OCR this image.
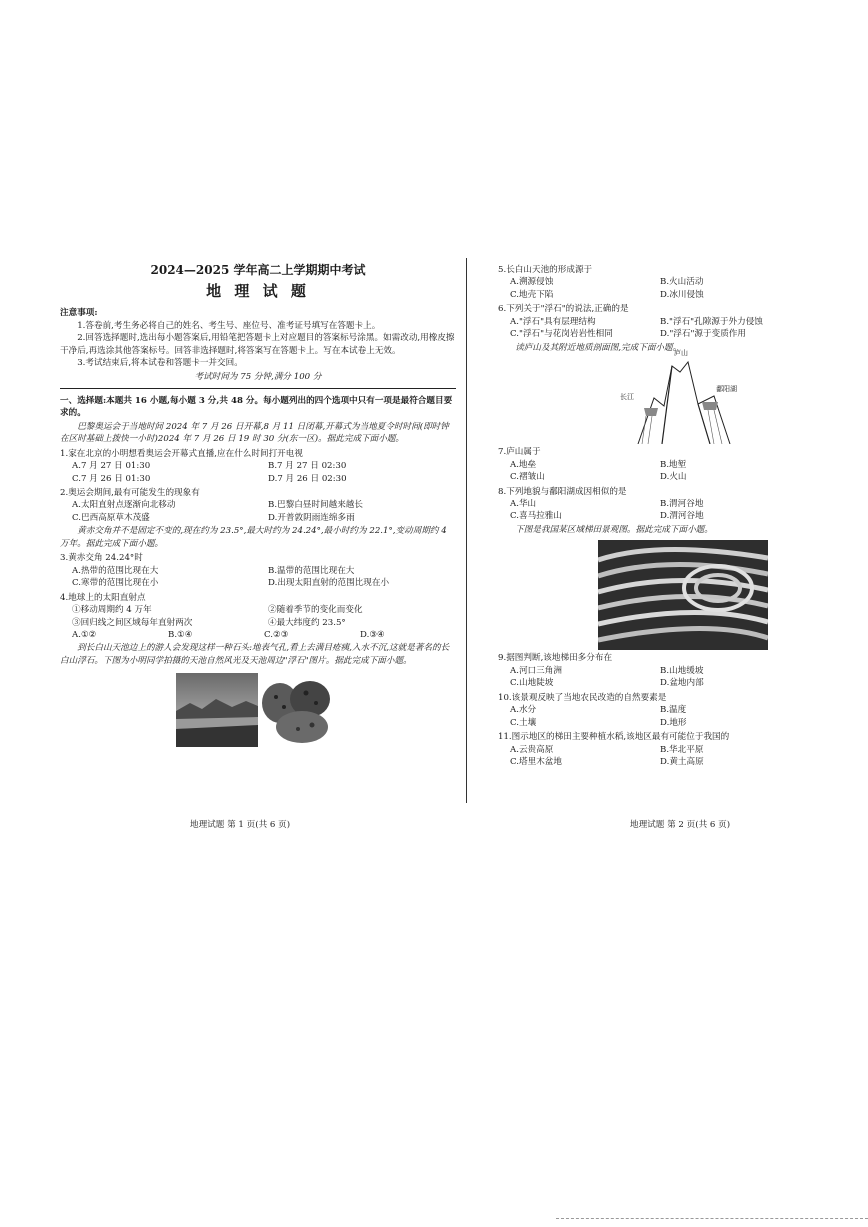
2024—2025 学年高二上学期期中考试
地 理 试 题
注意事项:

1.答卷前,考生务必将自己的姓名、考生号、座位号、准考证号填写在答题卡上。

2.回答选择题时,选出每小题答案后,用铅笔把答题卡上对应题目的答案标号涂黑。如需改动,用橡皮擦干净后,再选涂其他答案标号。回答非选择题时,将答案写在答题卡上。写在本试卷上无效。

3.考试结束后,将本试卷和答题卡一并交回。

考试时间为 75 分钟,满分 100 分
一、选择题:本题共 16 小题,每小题 3 分,共 48 分。每小题列出的四个选项中只有一项是最符合题目要求的。
巴黎奥运会于当地时间 2024 年 7 月 26 日开幕,8 月 11 日闭幕,开幕式为当地夏令时时间(即时钟在区时基础上拨快一小时)2024 年 7 月 26 日 19 时 30 分(东一区)。据此完成下面小题。
1.家在北京的小明想看奥运会开幕式直播,应在什么时间打开电视
A.7 月 27 日 01:30	B.7 月 27 日 02:30
C.7 月 26 日 01:30	D.7 月 26 日 02:30
2.奥运会期间,最有可能发生的现象有
A.太阳直射点逐渐向北移动	B.巴黎白昼时间越来越长
C.巴西高原草木茂盛	D.开普敦阴雨连绵多雨
黄赤交角并不是固定不变的,现在约为 23.5°,最大时约为 24.24°,最小时约为 22.1°,变动周期约 4 万年。据此完成下面小题。
3.黄赤交角 24.24°时
A.热带的范围比现在大	B.温带的范围比现在大
C.寒带的范围比现在小	D.出现太阳直射的范围比现在小
4.地球上的太阳直射点
①移动周期约 4 万年	②随着季节的变化而变化
③回归线之间区域每年直射两次	④最大纬度约 23.5°
A.①②	B.①④	C.②③	D.③④
到长白山天池边上的游人会发现这样一种石头:地表气孔,看上去满目疮痍,入水不沉,这就是著名的长白山浮石。下图为小明同学拍摄的天池自然风光及天池周边"浮石"图片。据此完成下面小题。
地理试题 第 1 页(共 6 页)
5.长白山天池的形成源于
A.溯源侵蚀	B.火山活动
C.地壳下陷	D.冰川侵蚀
6.下列关于"浮石"的说法,正确的是
A."浮石"具有层理结构	B."浮石"孔隙源于外力侵蚀
C."浮石"与花岗岩岩性相同	D."浮石"源于变质作用
读庐山及其附近地质剖面图,完成下面小题。
庐山
长江
鄱阳湖
7.庐山属于
A.地垒	B.地堑
C.褶皱山	D.火山
8.下列地貌与鄱阳湖成因相似的是
A.华山	B.渭河谷地
C.喜马拉雅山	D.渭河谷地
下图是我国某区域梯田景观图。据此完成下面小题。
9.据图判断,该地梯田多分布在
A.河口三角洲	B.山地缓坡
C.山地陡坡	D.盆地内部
10.该景观反映了当地农民改造的自然要素是
A.水分	B.温度
C.土壤	D.地形
11.图示地区的梯田主要种植水稻,该地区最有可能位于我国的
A.云贵高原	B.华北平原
C.塔里木盆地	D.黄土高原
地理试题 第 2 页(共 6 页)
